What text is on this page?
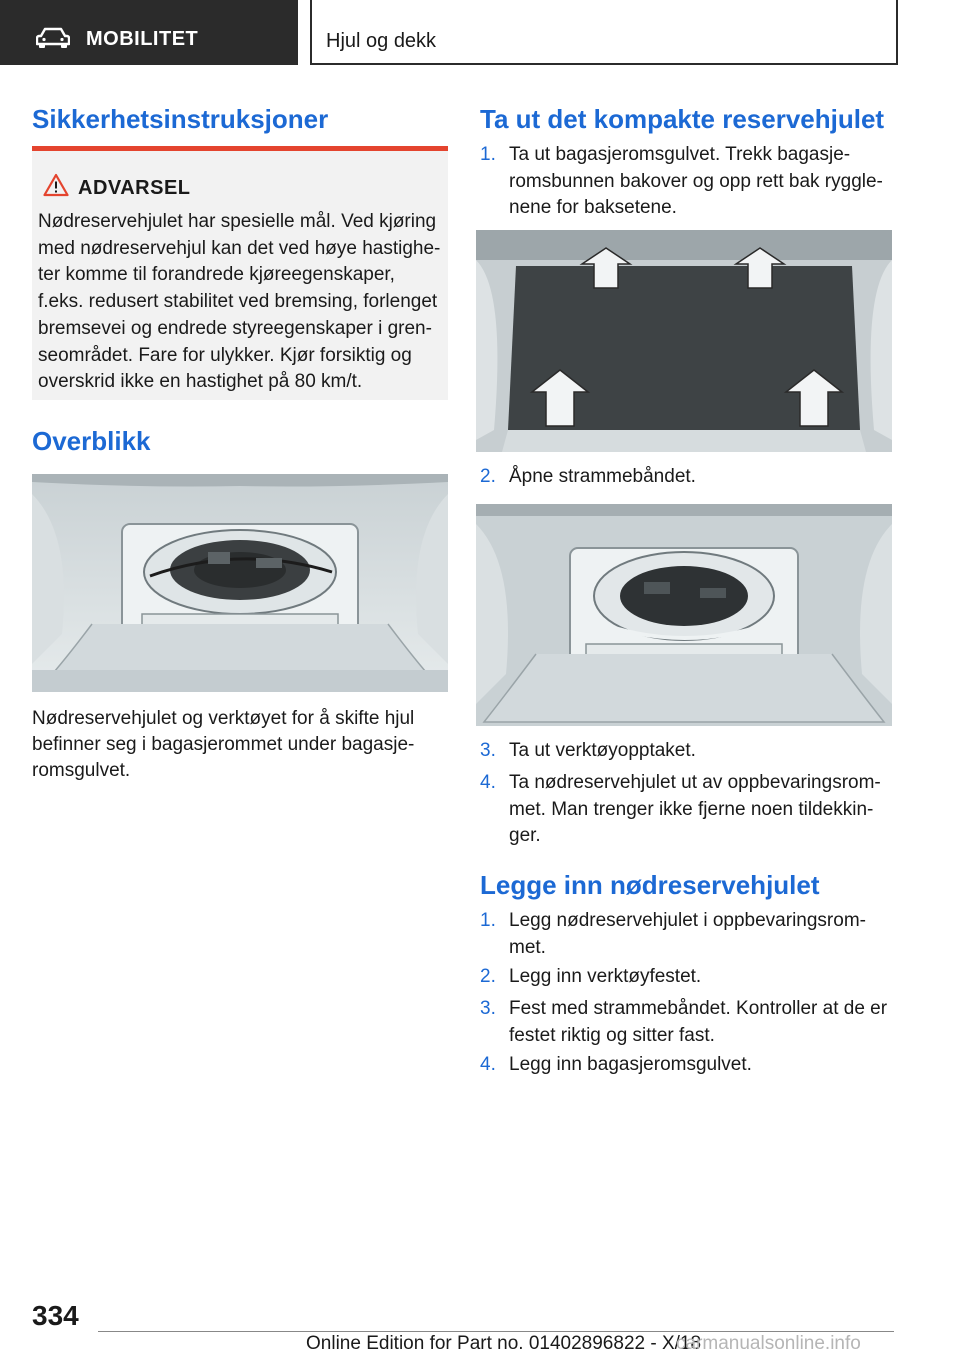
MOBILITET	Hjul og dekk
Sikkerhetsinstruksjoner
ADVARSEL
Nødreservehjulet har spesielle mål. Ved kjøring med nødreservehjul kan det ved høye hastighe-ter komme til forandrede kjøreegenskaper, f.eks. redusert stabilitet ved bremsing, forlenget bremsevei og endrede styreegenskaper i gren-seområdet. Fare for ulykker. Kjør forsiktig og overskrid ikke en hastighet på 80 km/t.
Overblikk

Nødreservehjulet og verktøyet for å skifte hjul befinner seg i bagasjerommet under bagasje-romsgulvet.

Ta ut det kompakte reservehjulet
1. Ta ut bagasjeromsgulvet. Trekk bagasje-romsbunnen bakover og opp rett bak ryggle-nene for baksetene.
2. Åpne strammebåndet.
3. Ta ut verktøyopptaket.
4. Ta nødreservehjulet ut av oppbevaringsrom-met. Man trenger ikke fjerne noen tildekkin-ger.
Legge inn nødreservehjulet
1. Legg nødreservehjulet i oppbevaringsrom-met.
2. Legg inn verktøyfestet.
3. Fest med strammebåndet. Kontroller at de er festet riktig og sitter fast.
4. Legg inn bagasjeromsgulvet.
334
Online Edition for Part no. 01402896822 - X/18
carmanualsonline.info
